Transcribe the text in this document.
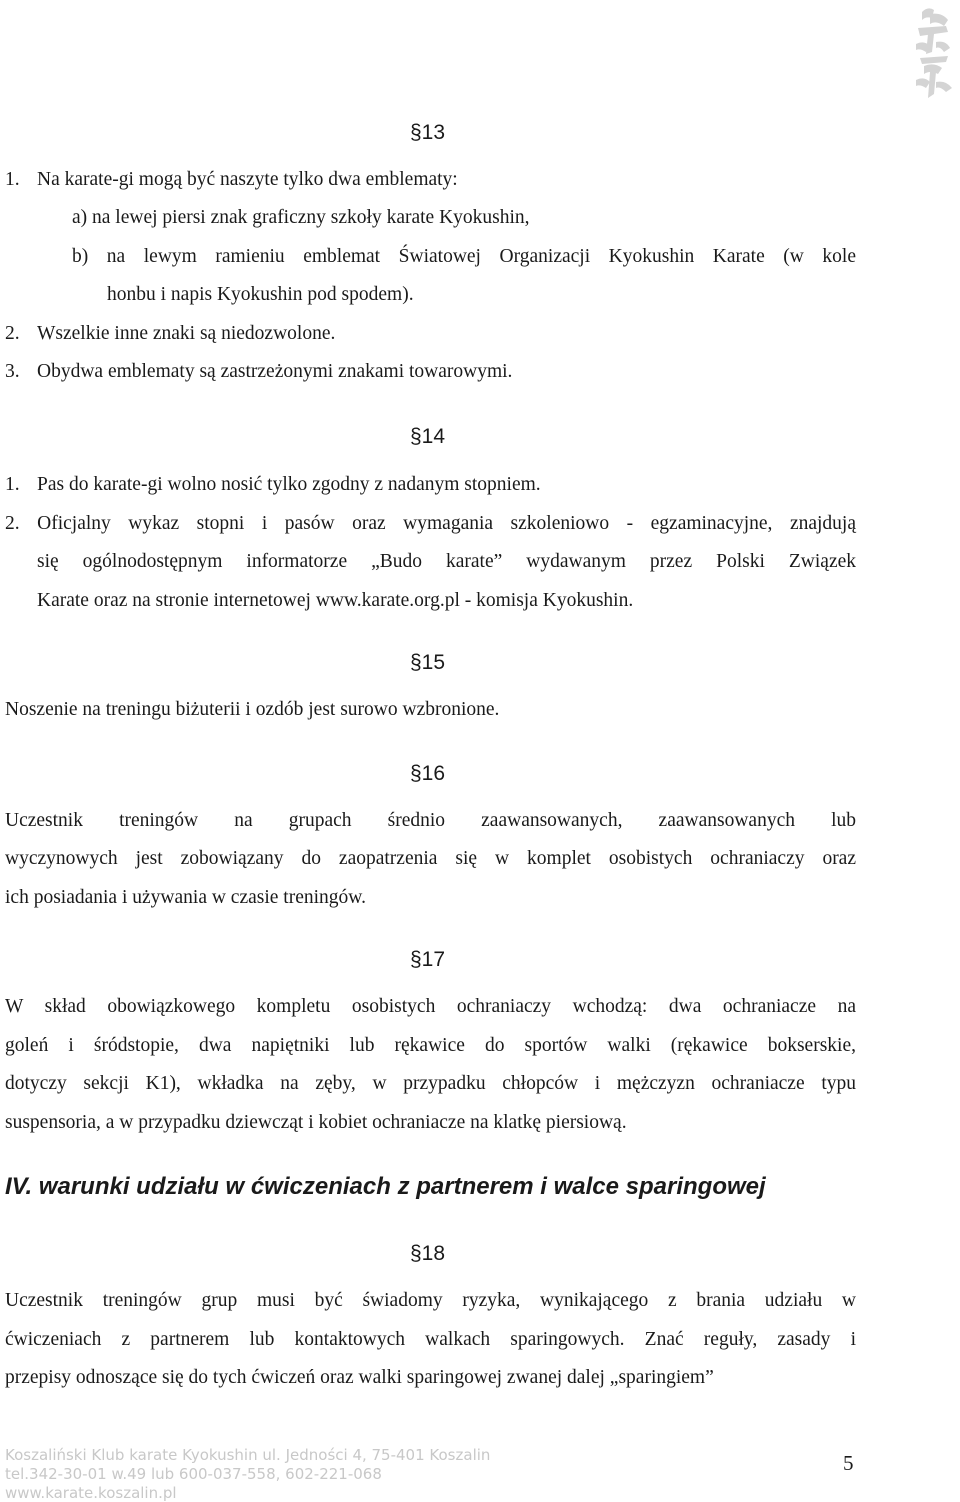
§13
1. Na karate-gi mogą być naszyte tylko dwa emblematy:
a) na lewej piersi znak graficzny szkoły karate Kyokushin,
b) na lewym ramieniu emblemat Światowej Organizacji Kyokushin Karate (w kole
honbu i napis Kyokushin pod spodem).
2. Wszelkie inne znaki są niedozwolone.
3. Obydwa emblematy są zastrzeżonymi znakami towarowymi.
§14
1. Pas do karate-gi wolno nosić tylko zgodny z nadanym stopniem.
2. Oficjalny wykaz stopni i pasów oraz wymagania szkoleniowo - egzaminacyjne, znajdują
się ogólnodostępnym informatorze „Budo karate” wydawanym przez Polski Związek
Karate oraz na stronie internetowej www.karate.org.pl - komisja Kyokushin.
§15
Noszenie na treningu biżuterii i ozdób jest surowo wzbronione.
§16
Uczestnik treningów na grupach średnio zaawansowanych, zaawansowanych lub
wyczynowych jest zobowiązany do zaopatrzenia się w komplet osobistych ochraniaczy oraz
ich posiadania i używania w czasie treningów.
§17
W skład obowiązkowego kompletu osobistych ochraniaczy wchodzą: dwa ochraniacze na
goleń i śródstopie, dwa napiętniki lub rękawice do sportów walki (rękawice bokserskie,
dotyczy sekcji K1), wkładka na zęby, w przypadku chłopców i mężczyzn ochraniacze typu
suspensoria, a w przypadku dziewcząt i kobiet ochraniacze na klatkę piersiową.
IV. warunki udziału w ćwiczeniach z partnerem i walce sparingowej
§18
Uczestnik treningów grup musi być świadomy ryzyka, wynikającego z brania udziału w
ćwiczeniach z partnerem lub kontaktowych walkach sparingowych. Znać reguły, zasady i
przepisy odnoszące się do tych ćwiczeń oraz walki sparingowej zwanej dalej „sparingiem”
Koszaliński Klub karate Kyokushin ul. Jedności 4, 75-401 Koszalin
tel.342-30-01 w.49 lub 600-037-558, 602-221-068
www.karate.koszalin.pl
5
